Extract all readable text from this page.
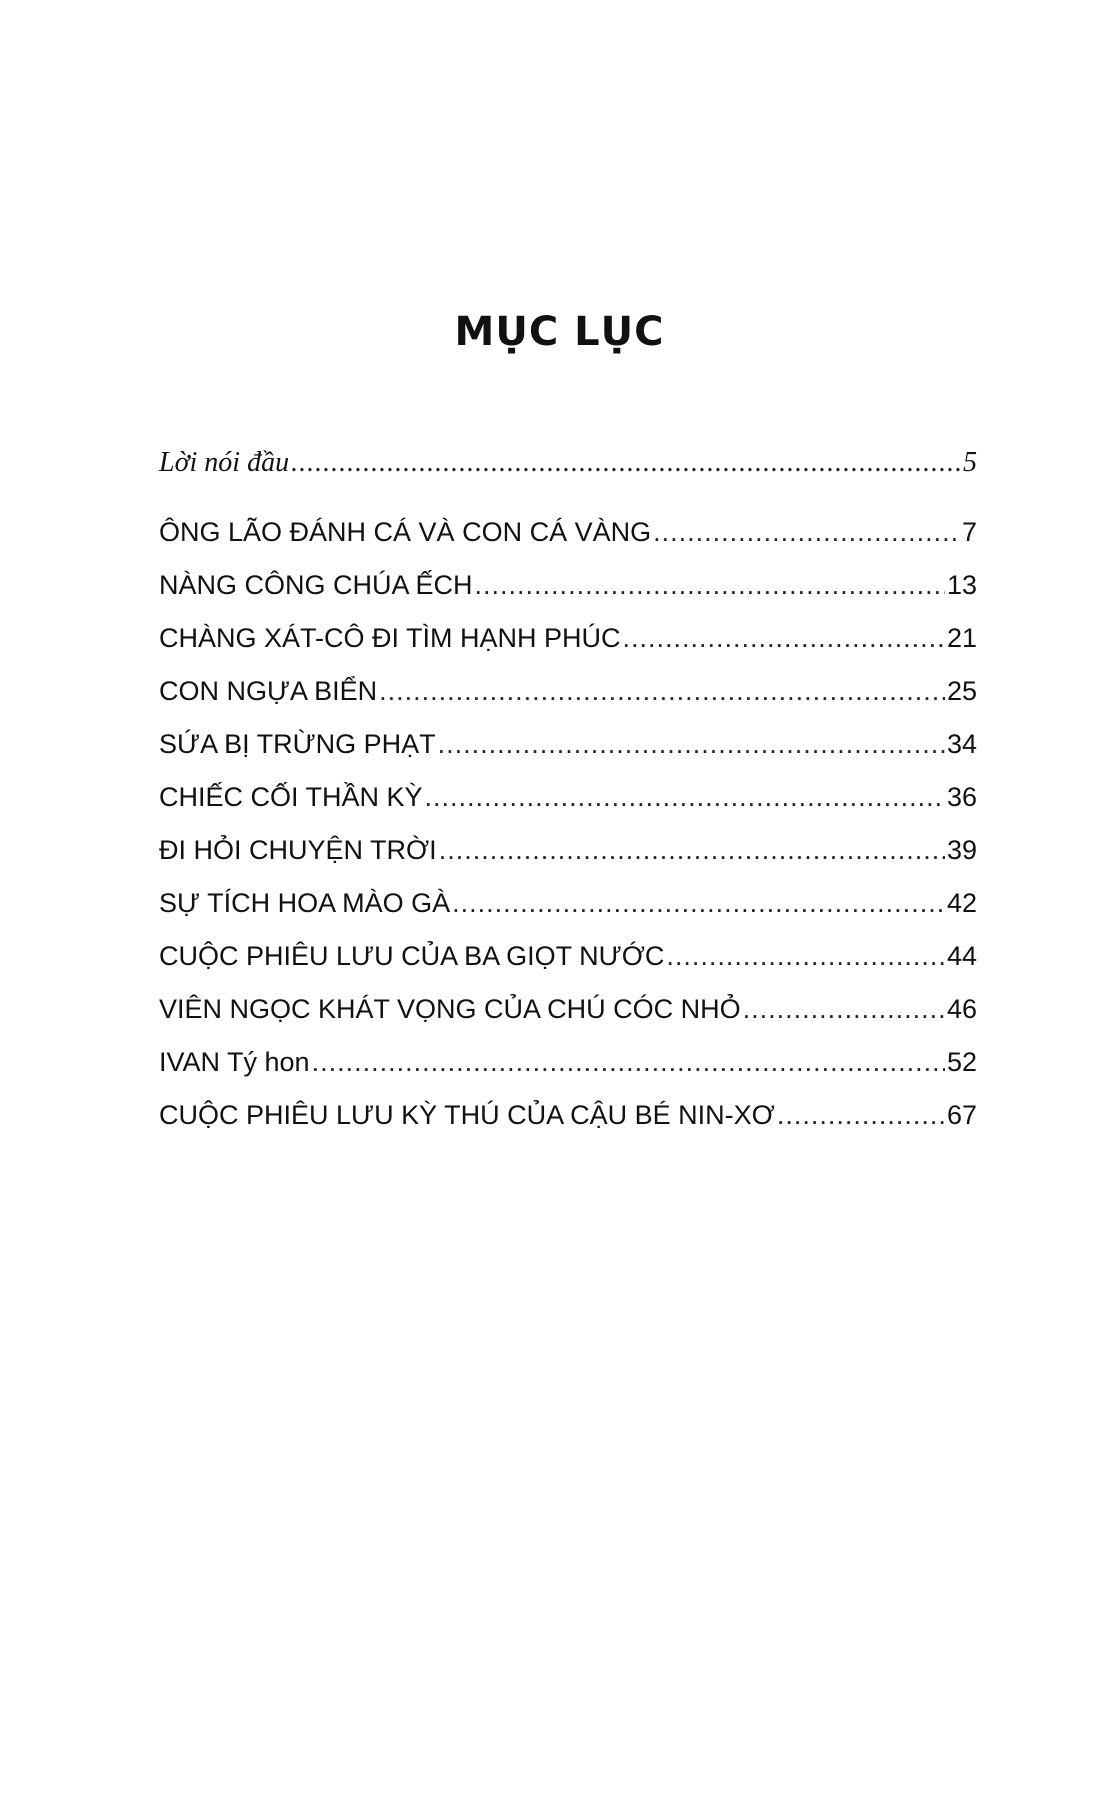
MỤC LỤC
Lời nói đầu .....	5
ÔNG LÃO ĐÁNH CÁ VÀ CON CÁ VÀNG .....	7
NÀNG CÔNG CHÚA ẾCH .....	13
CHÀNG XÁT-CÔ ĐI TÌM HẠNH PHÚC .....	21
CON NGỰA BIỂN .....	25
SỨA BỊ TRỪNG PHẠT .....	34
CHIẾC CỐI THẦN KỲ .....	36
ĐI HỎI CHUYỆN TRỜI .....	39
SỰ TÍCH HOA MÀO GÀ .....	42
CUỘC PHIÊU LƯU CỦA BA GIỌT NƯỚC .....	44
VIÊN NGỌC KHÁT VỌNG CỦA CHÚ CÓC NHỎ .....	46
IVAN Tý hon .....	52
CUỘC PHIÊU LƯU KỲ THÚ CỦA CẬU BÉ NIN-XƠ .....	67
